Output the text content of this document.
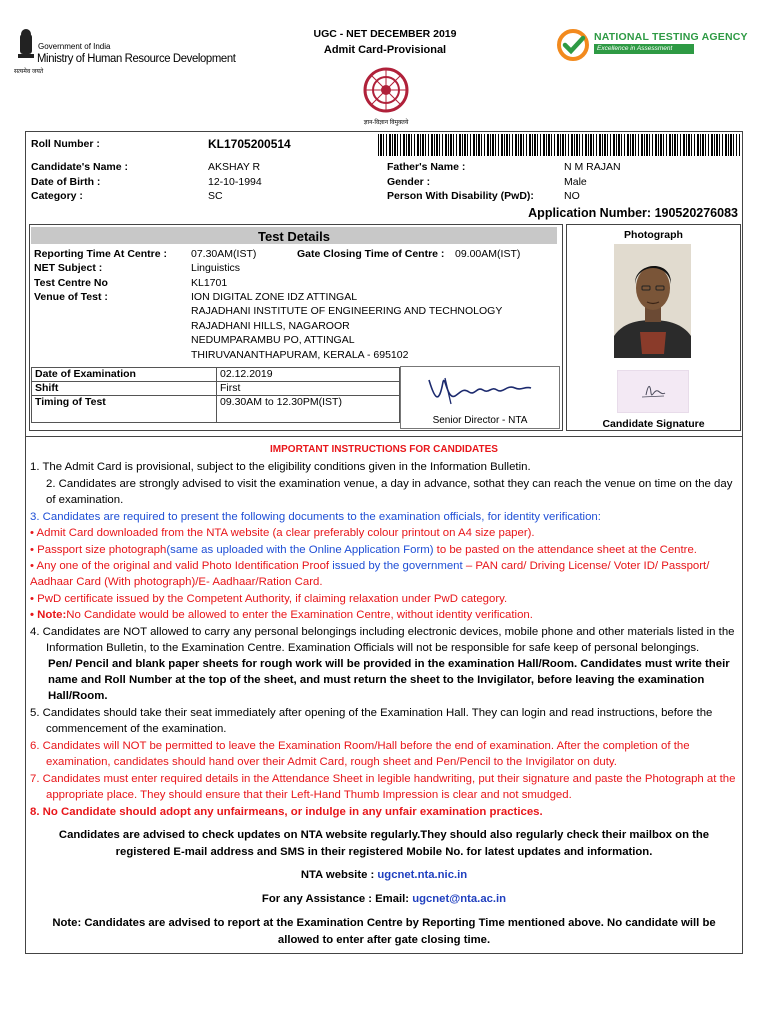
Government of India
Ministry of Human Resource Development
सत्यमेव जयते
UGC - NET DECEMBER 2019
Admit Card-Provisional
ज्ञान-विज्ञान विमुक्तये
NATIONAL TESTING AGENCY
Excellence in Assessment
Roll Number :	KL1705200514
Candidate's Name :	AKSHAY R	Father's Name :	N M RAJAN
Date of Birth :	12-10-1994	Gender :	Male
Category :	SC	Person With Disability (PwD):	NO
Application Number: 190520276083
Test Details
Reporting Time At Centre : 07.30AM(IST)	Gate Closing Time of Centre : 09.00AM(IST)
NET Subject :	Linguistics
Test Centre No	KL1701
Venue of Test :	ION DIGITAL ZONE IDZ ATTINGAL
RAJADHANI INSTITUTE OF ENGINEERING AND TECHNOLOGY
RAJADHANI HILLS, NAGAROOR
NEDUMPARAMBU PO, ATTINGAL
THIRUVANANTHAPURAM, KERALA - 695102
Date of Examination	02.12.2019
Shift	First
Timing of Test	09.30AM to 12.30PM(IST)
Senior Director - NTA
Photograph
Candidate Signature
IMPORTANT INSTRUCTIONS FOR CANDIDATES
1. The Admit Card is provisional, subject to the eligibility conditions given in the Information Bulletin.
2. Candidates are strongly advised to visit the examination venue, a day in advance, sothat they can reach the venue on time on the day of examination.
3. Candidates are required to present the following documents to the examination officials, for identity verification:
• Admit Card downloaded from the NTA website (a clear preferably colour printout on A4 size paper).
• Passport size photograph(same as uploaded with the Online Application Form) to be pasted on the attendance sheet at the Centre.
• Any one of the original and valid Photo Identification Proof issued by the government – PAN card/ Driving License/ Voter ID/ Passport/ Aadhaar Card (With photograph)/E- Aadhaar/Ration Card.
• PwD certificate issued by the Competent Authority, if claiming relaxation under PwD category.
• Note:No Candidate would be allowed to enter the Examination Centre, without identity verification.
4. Candidates are NOT allowed to carry any personal belongings including electronic devices, mobile phone and other materials listed in the Information Bulletin, to the Examination Centre. Examination Officials will not be responsible for safe keep of personal belongings.
Pen/ Pencil and blank paper sheets for rough work will be provided in the examination Hall/Room. Candidates must write their name and Roll Number at the top of the sheet, and must return the sheet to the Invigilator, before leaving the examination Hall/Room.
5. Candidates should take their seat immediately after opening of the Examination Hall. They can login and read instructions, before the commencement of the examination.
6. Candidates will NOT be permitted to leave the Examination Room/Hall before the end of examination. After the completion of the examination, candidates should hand over their Admit Card, rough sheet and Pen/Pencil to the Invigilator on duty.
7. Candidates must enter required details in the Attendance Sheet in legible handwriting, put their signature and paste the Photograph at the appropriate place. They should ensure that their Left-Hand Thumb Impression is clear and not smudged.
8. No Candidate should adopt any unfairmeans, or indulge in any unfair examination practices.
Candidates are advised to check updates on NTA website regularly.They should also regularly check their mailbox on the registered E-mail address and SMS in their registered Mobile No. for latest updates and information.
NTA website : ugcnet.nta.nic.in
For any Assistance : Email: ugcnet@nta.ac.in
Note: Candidates are advised to report at the Examination Centre by Reporting Time mentioned above. No candidate will be allowed to enter after gate closing time.
